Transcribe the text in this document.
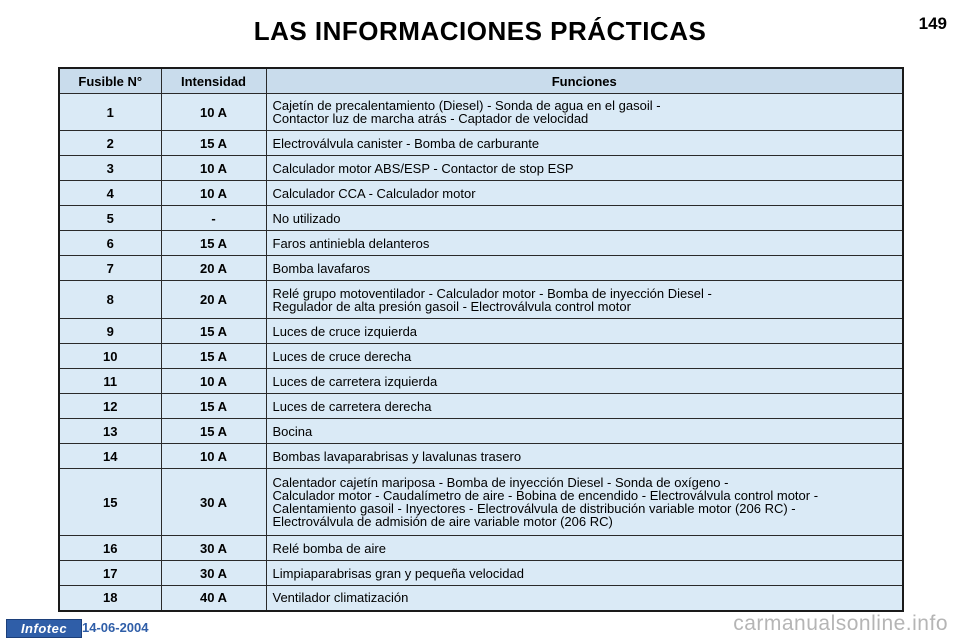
LAS INFORMACIONES PRÁCTICAS	149
Fusible N°	Intensidad	Funciones
1	10 A	Cajetín de precalentamiento (Diesel) - Sonda de agua en el gasoil -
Contactor luz de marcha atrás - Captador de velocidad
2	15 A	Electroválvula canister - Bomba de carburante
3	10 A	Calculador motor ABS/ESP - Contactor de stop ESP
4	10 A	Calculador CCA - Calculador motor
5	-	No utilizado
6	15 A	Faros antiniebla delanteros
7	20 A	Bomba lavafaros
8	20 A	Relé grupo motoventilador - Calculador motor - Bomba de inyección Diesel -
Regulador de alta presión gasoil - Electroválvula control motor
9	15 A	Luces de cruce izquierda
10	15 A	Luces de cruce derecha
11	10 A	Luces de carretera izquierda
12	15 A	Luces de carretera derecha
13	15 A	Bocina
14	10 A	Bombas lavaparabrisas y lavalunas trasero
15	30 A	Calentador cajetín mariposa - Bomba de inyección Diesel - Sonda de oxígeno -
Calculador motor - Caudalímetro de aire - Bobina de encendido - Electroválvula control motor -
Calentamiento gasoil - Inyectores - Electroválvula de distribución variable motor (206 RC) -
Electroválvula de admisión de aire variable motor (206 RC)
16	30 A	Relé bomba de aire
17	30 A	Limpiaparabrisas gran y pequeña velocidad
18	40 A	Ventilador climatización
Infotec	14-06-2004	carmanualsonline.info
